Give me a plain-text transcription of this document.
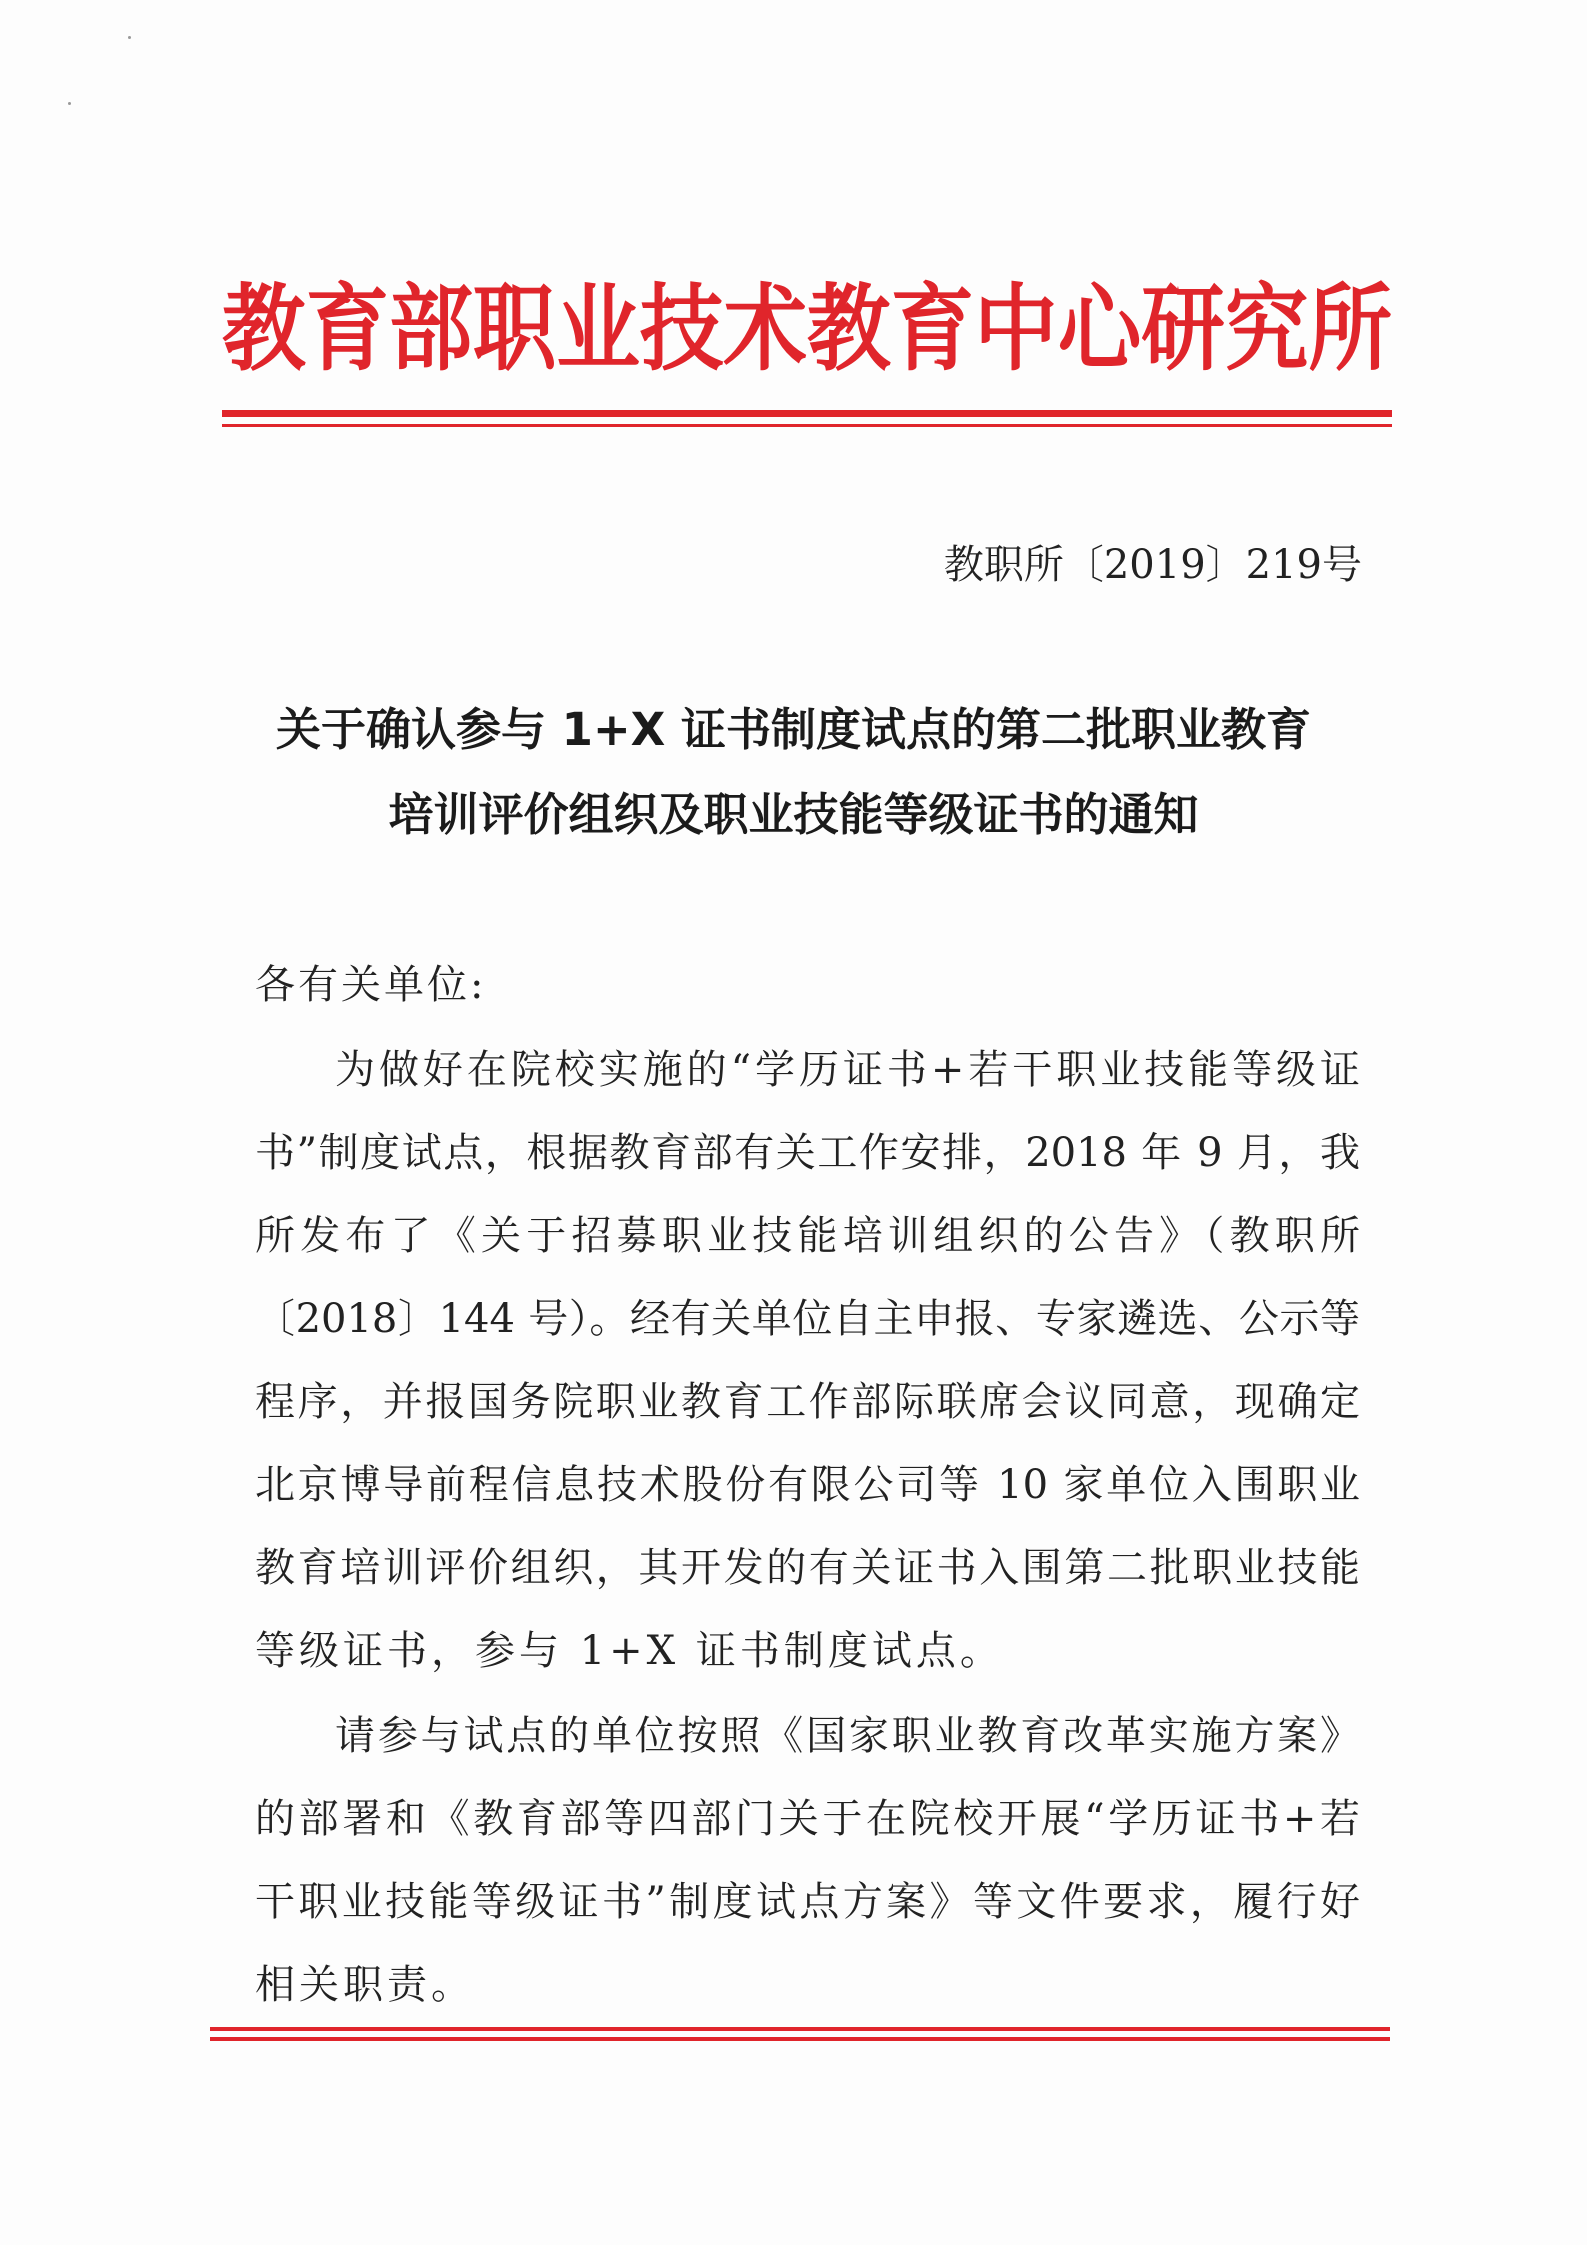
教育部职业技术教育中心研究所
教职所〔2019〕219号
关于确认参与 1+X 证书制度试点的第二批职业教育
培训评价组织及职业技能等级证书的通知
各有关单位:
为做好在院校实施的“学历证书+若干职业技能等级证
书”制度试点，根据教育部有关工作安排，2018 年 9 月，我
所发布了《关于招募职业技能培训组织的公告》（教职所
〔2018〕144 号）。经有关单位自主申报、专家遴选、公示等
程序，并报国务院职业教育工作部际联席会议同意，现确定
北京博导前程信息技术股份有限公司等 10 家单位入围职业
教育培训评价组织，其开发的有关证书入围第二批职业技能
等级证书，参与 1+X 证书制度试点。
请参与试点的单位按照《国家职业教育改革实施方案》
的部署和《教育部等四部门关于在院校开展“学历证书+若
干职业技能等级证书”制度试点方案》等文件要求，履行好
相关职责。
